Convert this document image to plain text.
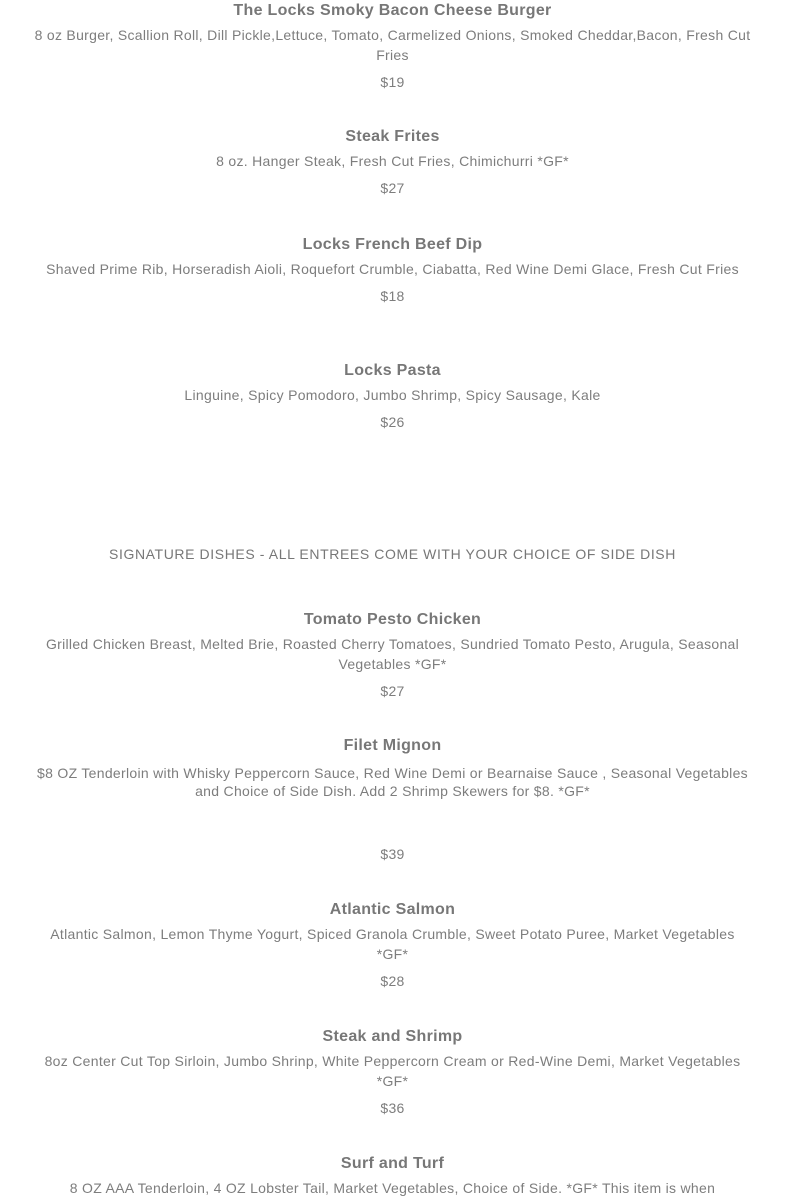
The Locks Smoky Bacon Cheese Burger

8 oz Burger, Scallion Roll, Dill Pickle,Lettuce, Tomato, Carmelized Onions, Smoked Cheddar,Bacon, Fresh Cut Fries

$19

Steak Frites

8 oz. Hanger Steak, Fresh Cut Fries, Chimichurri *GF*

$27

Locks French Beef Dip

Shaved Prime Rib, Horseradish Aioli, Roquefort Crumble, Ciabatta, Red Wine Demi Glace, Fresh Cut Fries

$18

Locks Pasta

Linguine, Spicy Pomodoro, Jumbo Shrimp, Spicy Sausage, Kale

$26

SIGNATURE DISHES - ALL ENTREES COME WITH YOUR CHOICE OF SIDE DISH

Tomato Pesto Chicken

Grilled Chicken Breast, Melted Brie, Roasted Cherry Tomatoes, Sundried Tomato Pesto, Arugula, Seasonal Vegetables *GF*

$27

Filet Mignon

$8 OZ Tenderloin with Whisky Peppercorn Sauce, Red Wine Demi or Bearnaise Sauce , Seasonal Vegetables and Choice of Side Dish. Add 2 Shrimp Skewers for $8. *GF*

$39

Atlantic Salmon

Atlantic Salmon, Lemon Thyme Yogurt, Spiced Granola Crumble, Sweet Potato Puree, Market Vegetables *GF*

$28

Steak and Shrimp

8oz Center Cut Top Sirloin, Jumbo Shrinp, White Peppercorn Cream or Red-Wine Demi, Market Vegetables *GF*

$36

Surf and Turf

8 OZ AAA Tenderloin, 4 OZ Lobster Tail, Market Vegetables, Choice of Side. *GF* This item is when
